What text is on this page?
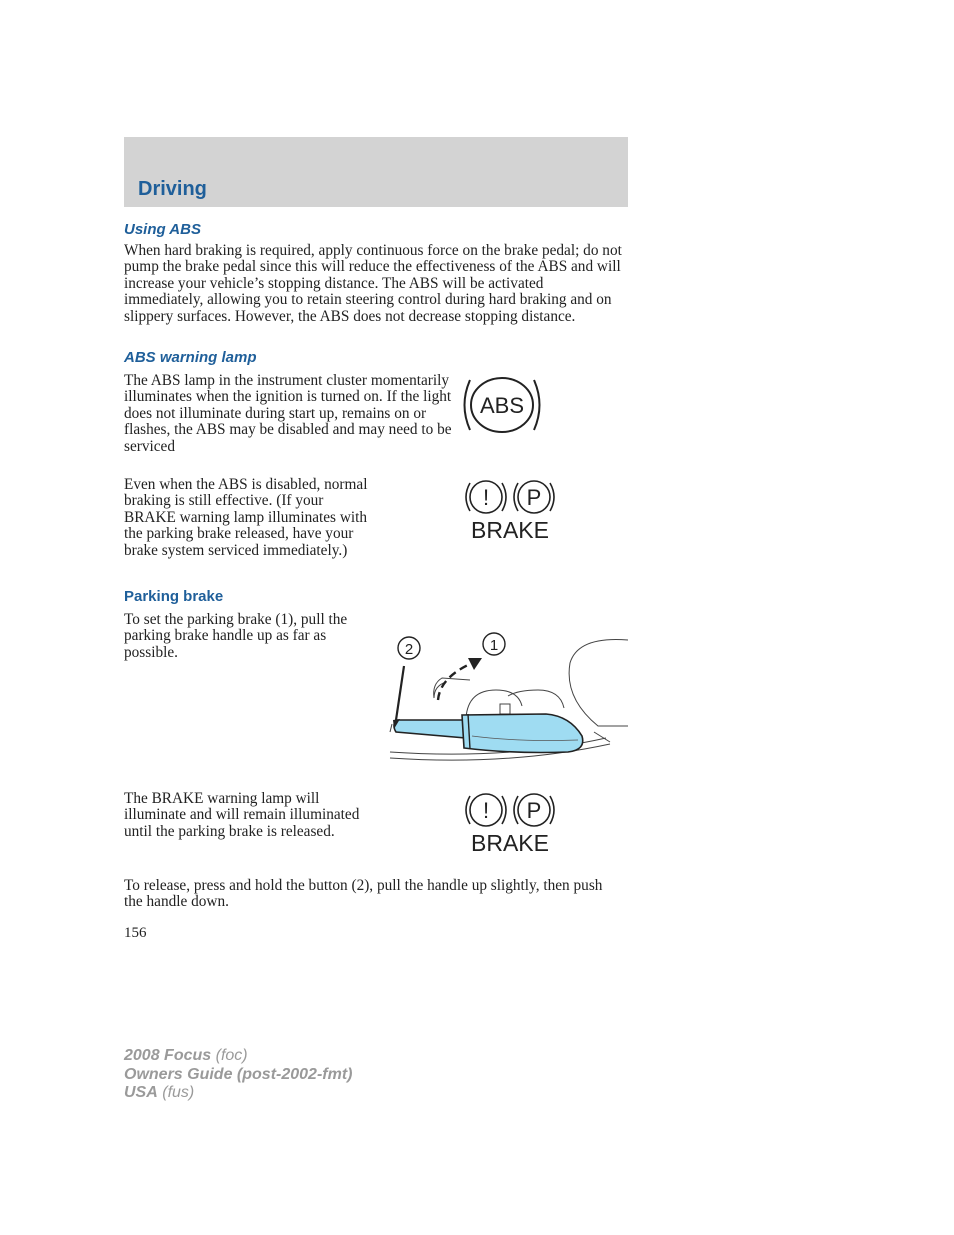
Driving
Using ABS

When hard braking is required, apply continuous force on the brake pedal; do not pump the brake pedal since this will reduce the effectiveness of the ABS and will increase your vehicle’s stopping distance. The ABS will be activated immediately, allowing you to retain steering control during hard braking and on slippery surfaces. However, the ABS does not decrease stopping distance.

ABS warning lamp

The ABS lamp in the instrument cluster momentarily illuminates when the ignition is turned on. If the light does not illuminate during start up, remains on or flashes, the ABS may be disabled and may need to be serviced

ABS

Even when the ABS is disabled, normal braking is still effective. (If your BRAKE warning lamp illuminates with the parking brake released, have your brake system serviced immediately.)

! P
BRAKE
Parking brake

To set the parking brake (1), pull the parking brake handle up as far as possible.	2	1

The BRAKE warning lamp will illuminate and will remain illuminated until the parking brake is released.

! P
BRAKE

To release, press and hold the button (2), pull the handle up slightly, then push the handle down.

156
2008 Focus (foc)
Owners Guide (post-2002-fmt)
USA (fus)
